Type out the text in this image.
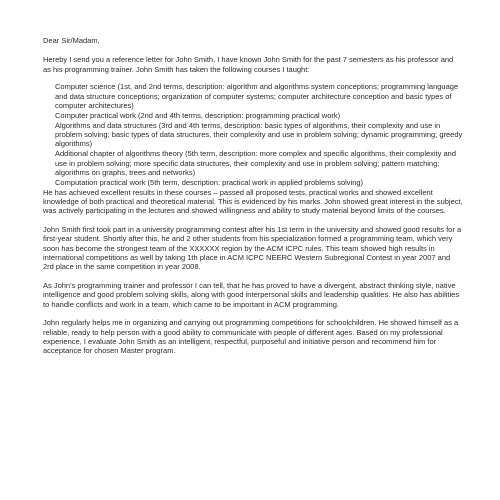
Dear Sir/Madam,

Hereby I send you a reference letter for John Smith. I have known John Smith for the past 7 semesters as his professor and as his programming trainer. John Smith has taken the following courses I taught:

Computer science (1st, and 2nd terms, description: algorithm and algorithms system conceptions; programming language and data structure conceptions; organization of computer systems; computer architecture conception and basic types of computer architectures)
Computer practical work (2nd and 4th terms, description: programming practical work)
Algorithms and data structures (3rd and 4th terms, description: basic types of algorithms, their complexity and use in problem solving; basic types of data structures, their complexity and use in problem solving; dynamic programming; greedy algorithms)
Additional chapter of algorithms theory (5th term, description: more complex and specific algorithms, their complexity and use in problem solving; more specific data structures, their complexity and use in problem solving; pattern matching; algorithms on graphs, trees and networks)
Computation practical work (5th term, description: practical work in applied problems solving)

He has achieved excellent results in these courses – passed all proposed tests, practical works and showed excellent knowledge of both practical and theoretical material. This is evidenced by his marks. John showed great interest in the subject, was actively participating in the lectures and showed willingness and ability to study material beyond limits of the courses.

John Smith first took part in a university programming contest after his 1st term in the university and showed good results for a first-year student. Shortly after this, he and 2 other students from his specialization formed a programming team, which very soon has become the strongest team of the XXXXXX region by the ACM ICPC rules. This team showed high results in international competitions as well by taking 1th place in ACM ICPC NEERC Western Subregional Contest in year 2007 and 2rd place in the same competition in year 2008.

As John's programming trainer and professor I can tell, that he has proved to have a divergent, abstract thinking style, native intelligence and good problem solving skills, along with good interpersonal skills and leadership qualities. He also has abilities to handle conflicts and work in a team, which came to be important in ACM programming.

John regularly helps me in organizing and carrying out programming competitions for schoolchildren. He showed himself as a reliable, ready to help person with a good ability to communicate with people of different ages. Based on my professional experience, I evaluate John Smith as an intelligent, respectful, purposeful and initiative person and recommend him for acceptance for chosen Master program.
